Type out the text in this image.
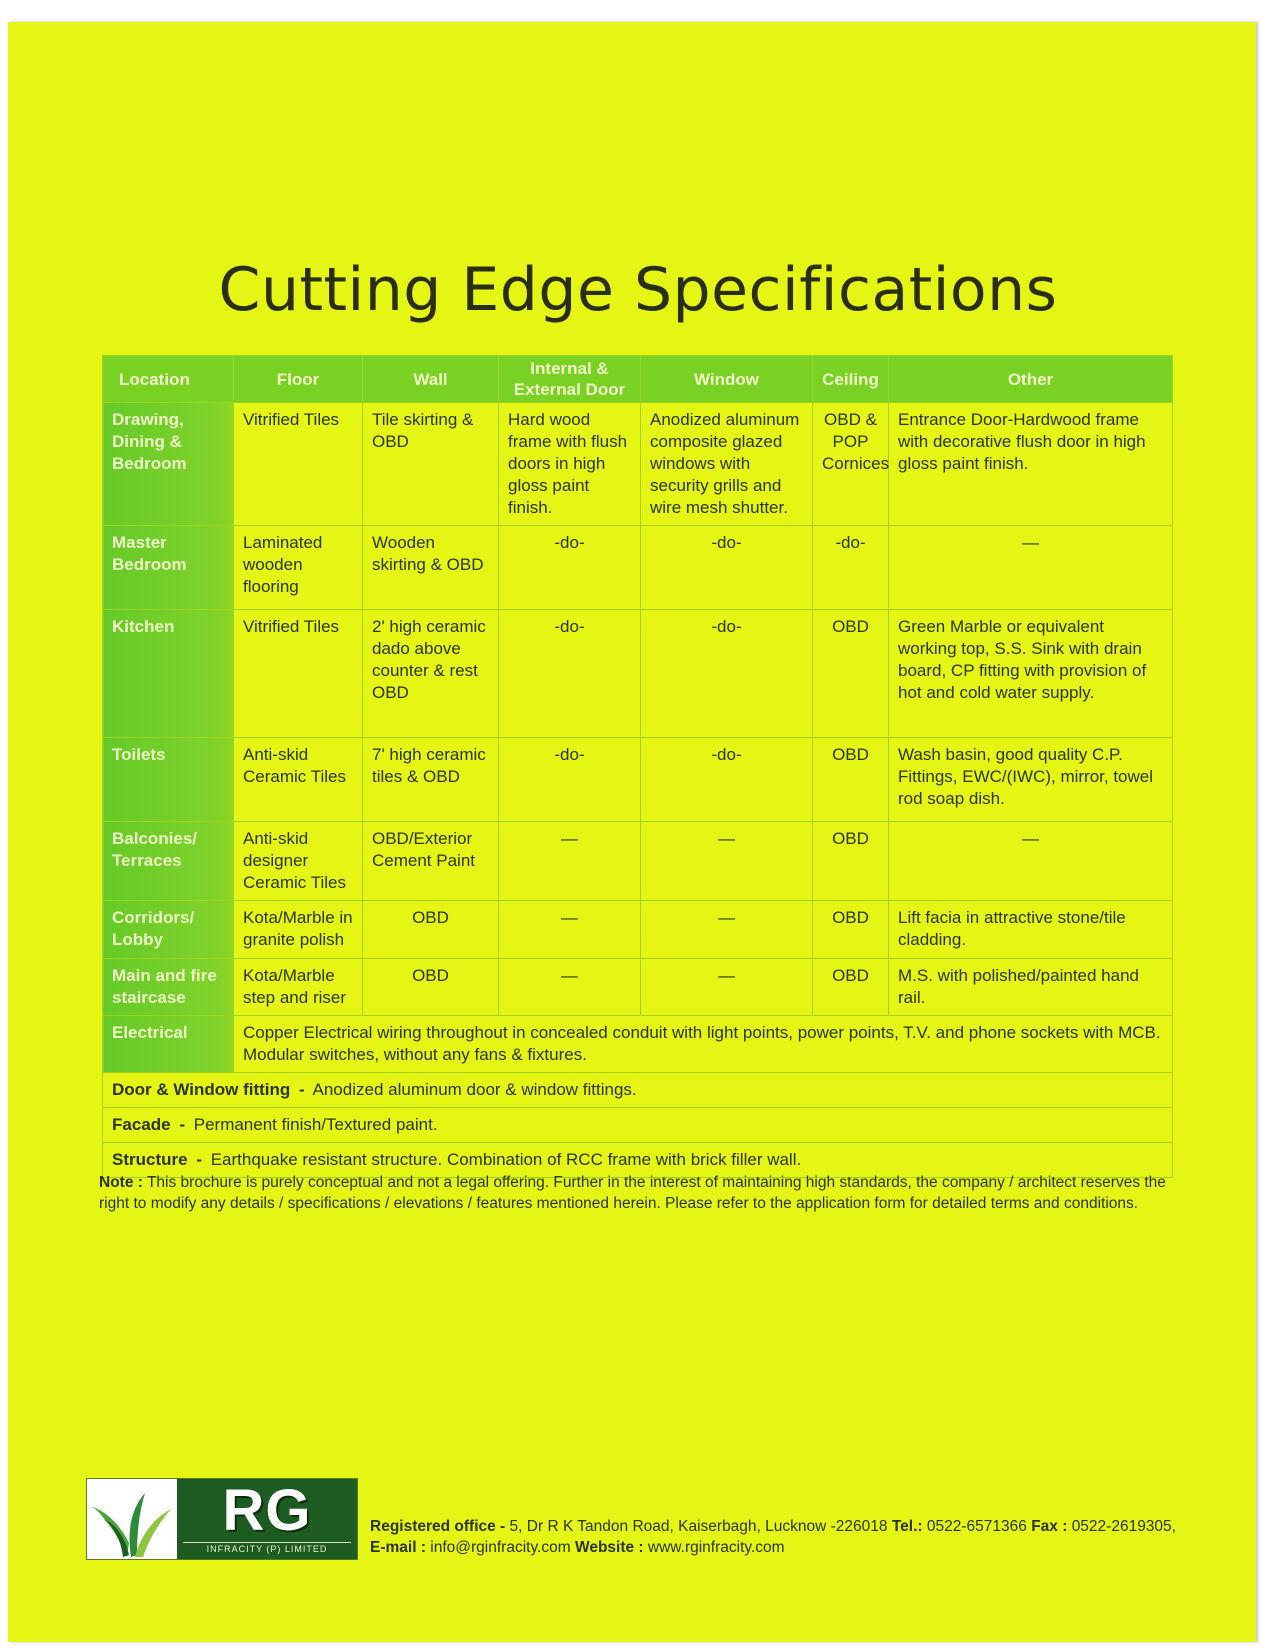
Cutting Edge Specifications
Location	Floor	Wall	Internal & External Door	Window	Ceiling	Other
Drawing, Dining & Bedroom	Vitrified Tiles	Tile skirting & OBD	Hard wood frame with flush doors in high gloss paint finish.	Anodized aluminum composite glazed windows with security grills and wire mesh shutter.	OBD & POP Cornices	Entrance Door-Hardwood frame with decorative flush door in high gloss paint finish.
Master Bedroom	Laminated wooden flooring	Wooden skirting & OBD	-do-	-do-	-do-	—
Kitchen	Vitrified Tiles	2' high ceramic dado above counter & rest OBD	-do-	-do-	OBD	Green Marble or equivalent working top, S.S. Sink with drain board, CP fitting with provision of hot and cold water supply.
Toilets	Anti-skid Ceramic Tiles	7' high ceramic tiles & OBD	-do-	-do-	OBD	Wash basin, good quality C.P. Fittings, EWC/(IWC), mirror, towel rod soap dish.
Balconies/ Terraces	Anti-skid designer Ceramic Tiles	OBD/Exterior Cement Paint	—	—	OBD	—
Corridors/ Lobby	Kota/Marble in granite polish	OBD	—	—	OBD	Lift facia in attractive stone/tile cladding.
Main and fire staircase	Kota/Marble step and riser	OBD	—	—	OBD	M.S. with polished/painted hand rail.
Electrical	Copper Electrical wiring throughout in concealed conduit with light points, power points, T.V. and phone sockets with MCB. Modular switches, without any fans & fixtures.					
Door & Window fitting - Anodized aluminum door & window fittings.						
Facade - Permanent finish/Textured paint.						
Structure - Earthquake resistant structure. Combination of RCC frame with brick filler wall.						
Note : This brochure is purely conceptual and not a legal offering. Further in the interest of maintaining high standards, the company / architect reserves the right to modify any details / specifications / elevations / features mentioned herein. Please refer to the application form for detailed terms and conditions.
RG
INFRACITY (P) LIMITED
Registered office - 5, Dr R K Tandon Road, Kaiserbagh, Lucknow -226018 Tel.: 0522-6571366 Fax : 0522-2619305,
E-mail : info@rginfracity.com Website : www.rginfracity.com
